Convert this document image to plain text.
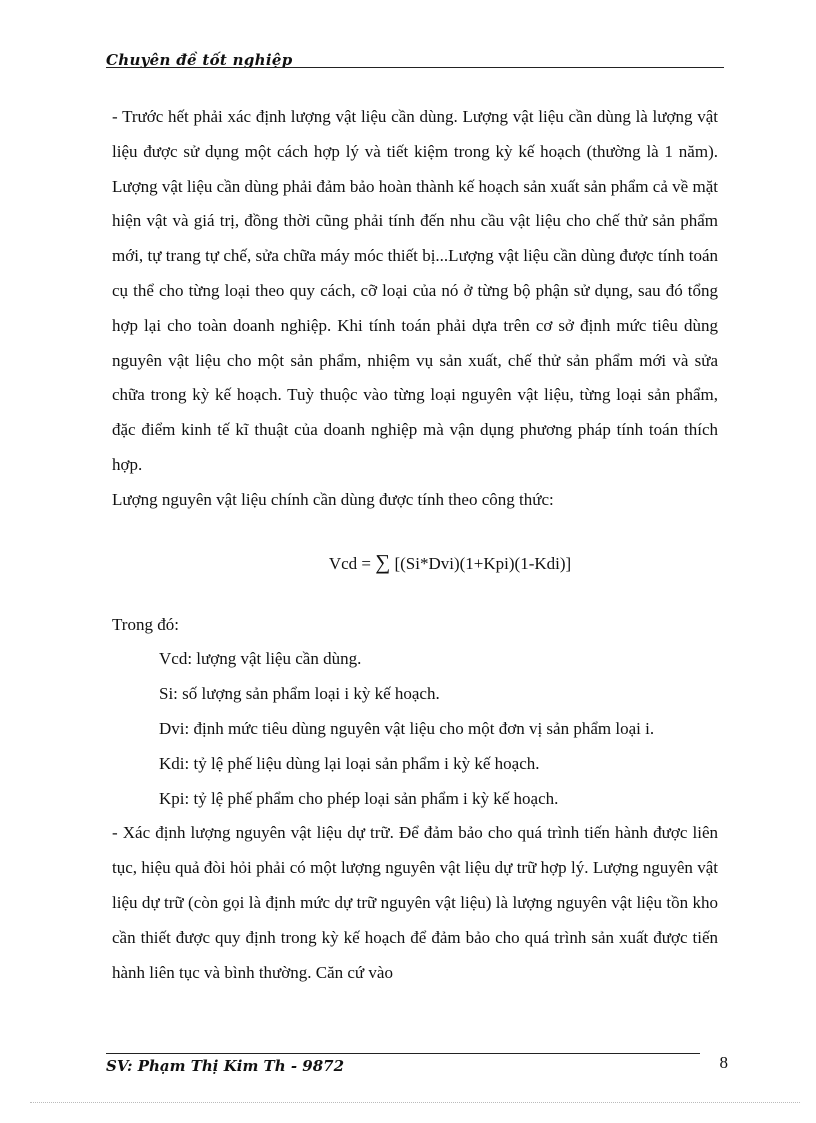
Chuyên đề tốt nghiệp

- Trước hết phải xác định lượng vật liệu cần dùng. Lượng vật liệu cần dùng là lượng vật liệu được sử dụng một cách hợp lý và tiết kiệm trong kỳ kế hoạch (thường là 1 năm). Lượng vật liệu cần dùng phải đảm bảo hoàn thành kế hoạch sản xuất sản phẩm cả về mặt hiện vật và giá trị, đồng thời cũng phải tính đến nhu cầu vật liệu cho chế thử sản phẩm mới, tự trang tự chế, sửa chữa máy móc thiết bị...Lượng vật liệu cần dùng được tính toán cụ thể cho từng loại theo quy cách, cỡ loại của nó ở từng bộ phận sử dụng, sau đó tổng hợp lại cho toàn doanh nghiệp. Khi tính toán phải dựa trên cơ sở định mức tiêu dùng nguyên vật liệu cho một sản phẩm, nhiệm vụ sản xuất, chế thử sản phẩm mới và sửa chữa trong kỳ kế hoạch. Tuỳ thuộc vào từng loại nguyên vật liệu, từng loại sản phẩm, đặc điểm kinh tế kĩ thuật của doanh nghiệp mà vận dụng phương pháp tính toán thích hợp.

Lượng nguyên vật liệu chính cần dùng được tính theo công thức:

Vcd = ∑ [(Si*Dvi)(1+Kpi)(1-Kdi)]

Trong đó:

Vcd: lượng vật liệu cần dùng.

Si: số lượng sản phẩm loại i kỳ kế hoạch.

Dvi: định mức tiêu dùng nguyên vật liệu cho một đơn vị sản phẩm loại i.

Kdi: tỷ lệ phế liệu dùng lại loại sản phẩm i kỳ kế hoạch.

Kpi: tỷ lệ phế phẩm cho phép loại sản phẩm i kỳ kế hoạch.

- Xác định lượng nguyên vật liệu dự trữ. Để đảm bảo cho quá trình tiến hành được liên tục, hiệu quả đòi hỏi phải có một lượng nguyên vật liệu dự trữ hợp lý. Lượng nguyên vật liệu dự trữ (còn gọi là định mức dự trữ nguyên vật liệu) là lượng nguyên vật liệu tồn kho cần thiết được quy định trong kỳ kế hoạch để đảm bảo cho quá trình sản xuất được tiến hành liên tục và bình thường. Căn cứ vào

SV: Phạm Thị Kim Th - 9872	8
